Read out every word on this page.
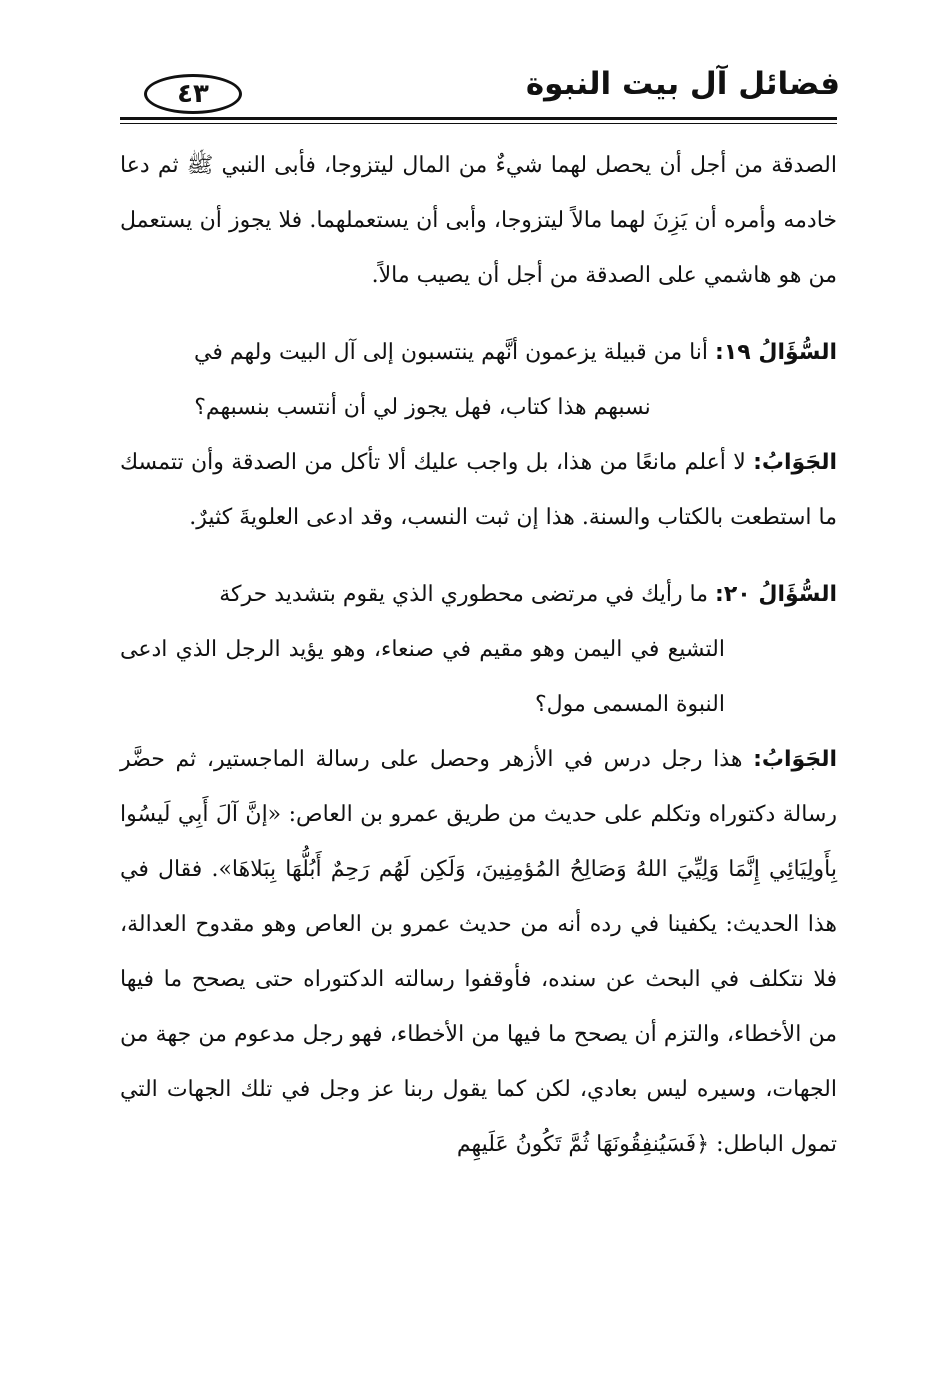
فضائل آل بيت النبوة
٤٣

الصدقة من أجل أن يحصل لهما شيءٌ من المال ليتزوجا، فأبى النبي ﷺ ثم دعا خادمه وأمره أن يَزِنَ لهما مالاً ليتزوجا، وأبى أن يستعملهما. فلا يجوز أن يستعمل من هو هاشمي على الصدقة من أجل أن يصيب مالاً.

السُّؤَالُ ١٩: أنا من قبيلة يزعمون أنَّهم ينتسبون إلى آل البيت ولهم في
نسبهم هذا كتاب، فهل يجوز لي أن أنتسب بنسبهم؟

الجَوَابُ: لا أعلم مانعًا من هذا، بل واجب عليك ألا تأكل من الصدقة وأن تتمسك ما استطعت بالكتاب والسنة. هذا إن ثبت النسب، وقد ادعى العلويةَ كثيرٌ.

السُّؤَالُ ٢٠: ما رأيك في مرتضى محطوري الذي يقوم بتشديد حركة
التشيع في اليمن وهو مقيم في صنعاء، وهو يؤيد الرجل الذي ادعى النبوة المسمى مول؟

الجَوَابُ: هذا رجل درس في الأزهر وحصل على رسالة الماجستير، ثم حضَّر رسالة دكتوراه وتكلم على حديث من طريق عمرو بن العاص: «إنَّ آلَ أَبِي لَيسُوا بِأَولِيَائِي إِنَّمَا وَلِيِّيَ اللهُ وَصَالِحُ المُؤمِنِينَ، وَلَكِن لَهُم رَحِمٌ أَبُلُّهَا بِبَلاهَا». فقال في هذا الحديث: يكفينا في رده أنه من حديث عمرو بن العاص وهو مقدوح العدالة، فلا نتكلف في البحث عن سنده، فأوقفوا رسالته الدكتوراه حتى يصحح ما فيها من الأخطاء، والتزم أن يصحح ما فيها من الأخطاء، فهو رجل مدعوم من جهة من الجهات، وسيره ليس بعادي، لكن كما يقول ربنا عز وجل في تلك الجهات التي تمول الباطل: ﴿فَسَيُنفِقُونَهَا ثُمَّ تَكُونُ عَلَيهِم
